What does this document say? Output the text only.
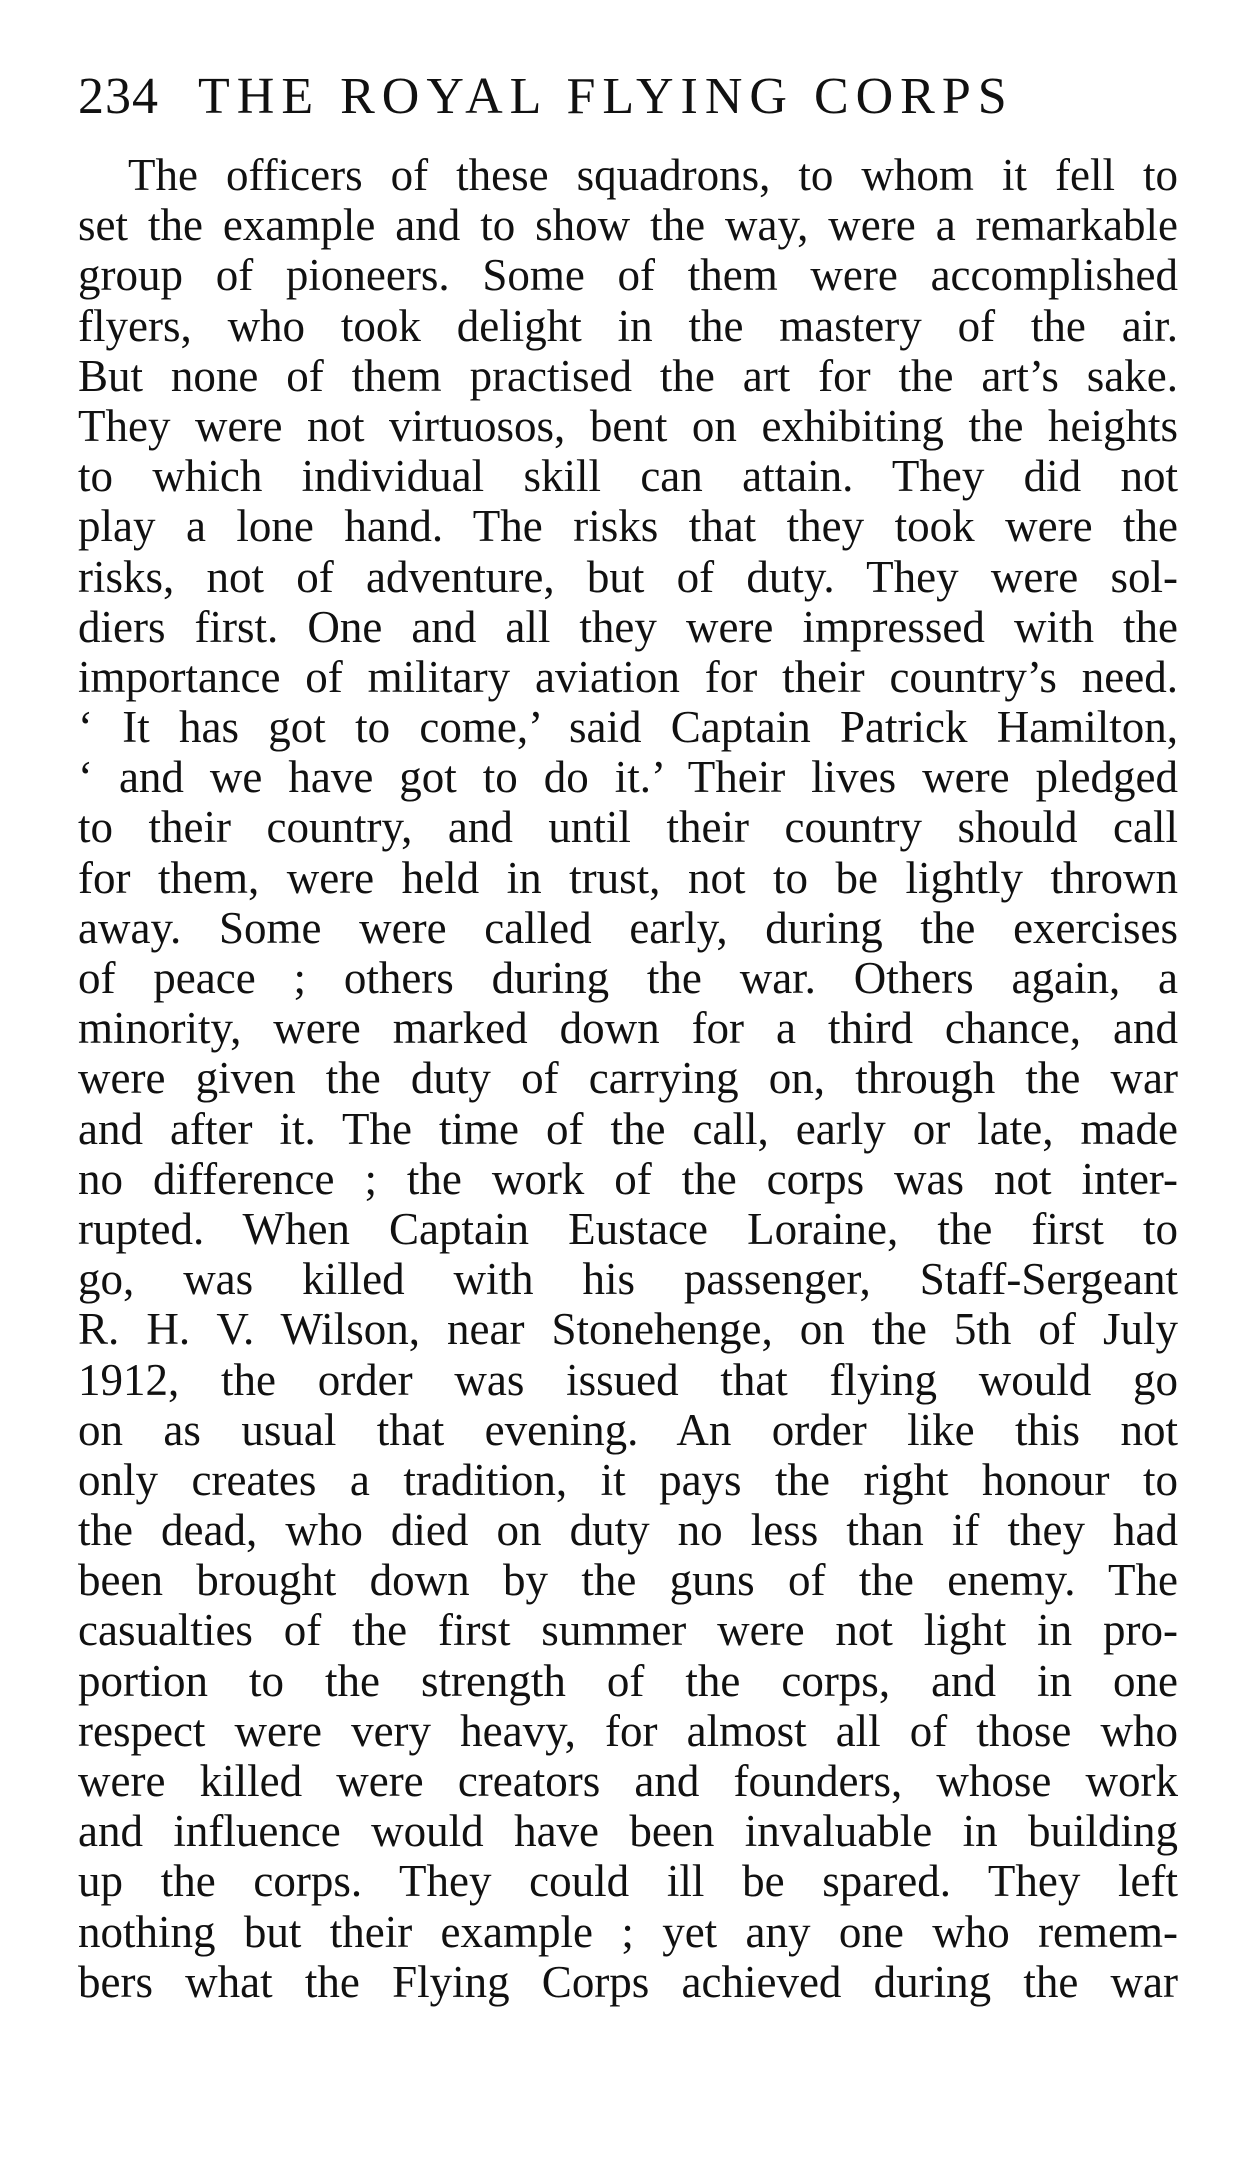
234 THE ROYAL FLYING CORPS
The officers of these squadrons, to whom it fell to
set the example and to show the way, were a remarkable
group of pioneers. Some of them were accomplished
flyers, who took delight in the mastery of the air.
But none of them practised the art for the art’s sake.
They were not virtuosos, bent on exhibiting the heights
to which individual skill can attain. They did not
play a lone hand. The risks that they took were the
risks, not of adventure, but of duty. They were sol-
diers first. One and all they were impressed with the
importance of military aviation for their country’s need.
‘ It has got to come,’ said Captain Patrick Hamilton,
‘ and we have got to do it.’ Their lives were pledged
to their country, and until their country should call
for them, were held in trust, not to be lightly thrown
away. Some were called early, during the exercises
of peace ; others during the war. Others again, a
minority, were marked down for a third chance, and
were given the duty of carrying on, through the war
and after it. The time of the call, early or late, made
no difference ; the work of the corps was not inter-
rupted. When Captain Eustace Loraine, the first to
go, was killed with his passenger, Staff-Sergeant
R. H. V. Wilson, near Stonehenge, on the 5th of July
1912, the order was issued that flying would go
on as usual that evening. An order like this not
only creates a tradition, it pays the right honour to
the dead, who died on duty no less than if they had
been brought down by the guns of the enemy. The
casualties of the first summer were not light in pro-
portion to the strength of the corps, and in one
respect were very heavy, for almost all of those who
were killed were creators and founders, whose work
and influence would have been invaluable in building
up the corps. They could ill be spared. They left
nothing but their example ; yet any one who remem-
bers what the Flying Corps achieved during the war
